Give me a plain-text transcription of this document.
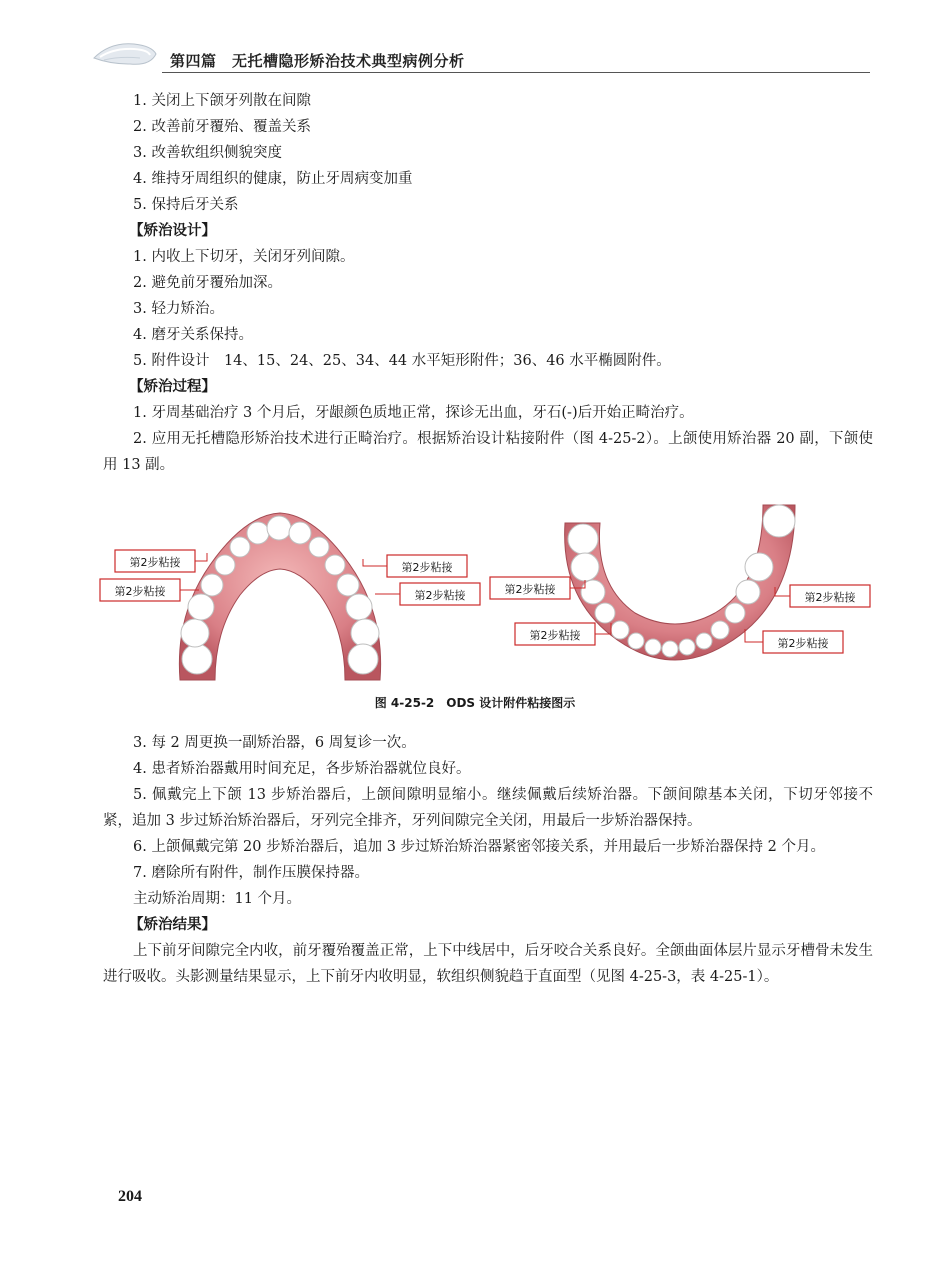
第四篇　无托槽隐形矫治技术典型病例分析

1. 关闭上下颌牙列散在间隙

2. 改善前牙覆殆、覆盖关系

3. 改善软组织侧貌突度

4. 维持牙周组织的健康，防止牙周病变加重

5. 保持后牙关系

【矫治设计】

1. 内收上下切牙，关闭牙列间隙。

2. 避免前牙覆殆加深。

3. 轻力矫治。

4. 磨牙关系保持。

5. 附件设计　14、15、24、25、34、44 水平矩形附件；36、46 水平椭圆附件。

【矫治过程】

1. 牙周基础治疗 3 个月后，牙龈颜色质地正常，探诊无出血，牙石(-)后开始正畸治疗。

2. 应用无托槽隐形矫治技术进行正畸治疗。根据矫治设计粘接附件（图 4-25-2）。上颌使用矫治器 20 副，下颌使用 13 副。

第2步粘接
第2步粘接
第2步粘接
第2步粘接	第2步粘接
第2步粘接
第2步粘接
第2步粘接
图 4-25-2　ODS 设计附件粘接图示

3. 每 2 周更换一副矫治器，6 周复诊一次。

4. 患者矫治器戴用时间充足，各步矫治器就位良好。

5. 佩戴完上下颌 13 步矫治器后，上颌间隙明显缩小。继续佩戴后续矫治器。下颌间隙基本关闭，下切牙邻接不紧，追加 3 步过矫治矫治器后，牙列完全排齐，牙列间隙完全关闭，用最后一步矫治器保持。

6. 上颌佩戴完第 20 步矫治器后，追加 3 步过矫治矫治器紧密邻接关系，并用最后一步矫治器保持 2 个月。

7. 磨除所有附件，制作压膜保持器。

主动矫治周期：11 个月。

【矫治结果】

上下前牙间隙完全内收，前牙覆殆覆盖正常，上下中线居中，后牙咬合关系良好。全颌曲面体层片显示牙槽骨未发生进行吸收。头影测量结果显示，上下前牙内收明显，软组织侧貌趋于直面型（见图 4-25-3，表 4-25-1）。

204
